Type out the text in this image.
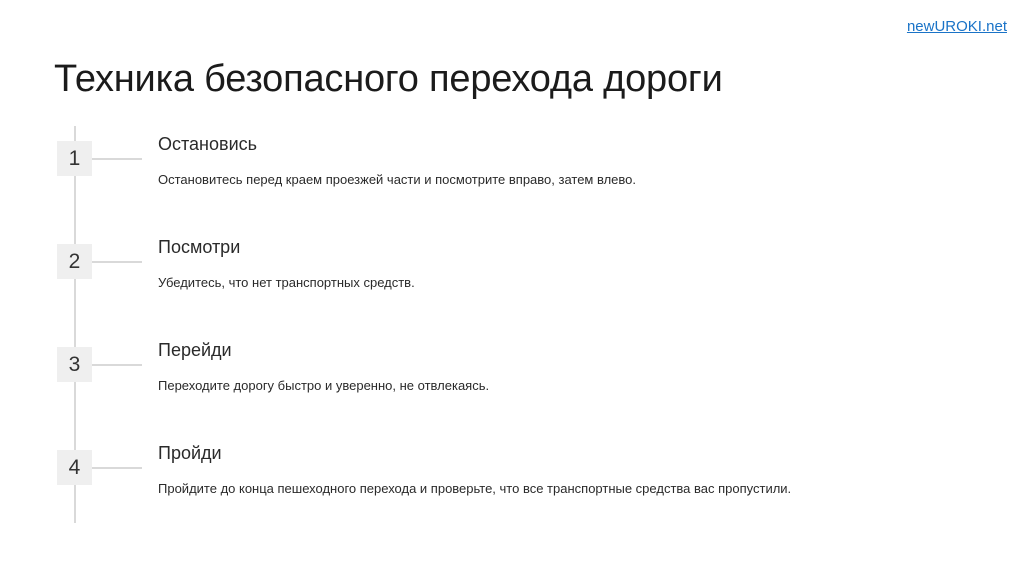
newUROKI.net
Техника безопасного перехода дороги
1
Остановись
Остановитесь перед краем проезжей части и посмотрите вправо, затем влево.
2
Посмотри
Убедитесь, что нет транспортных средств.
3
Перейди
Переходите дорогу быстро и уверенно, не отвлекаясь.
4
Пройди
Пройдите до конца пешеходного перехода и проверьте, что все транспортные средства вас пропустили.
